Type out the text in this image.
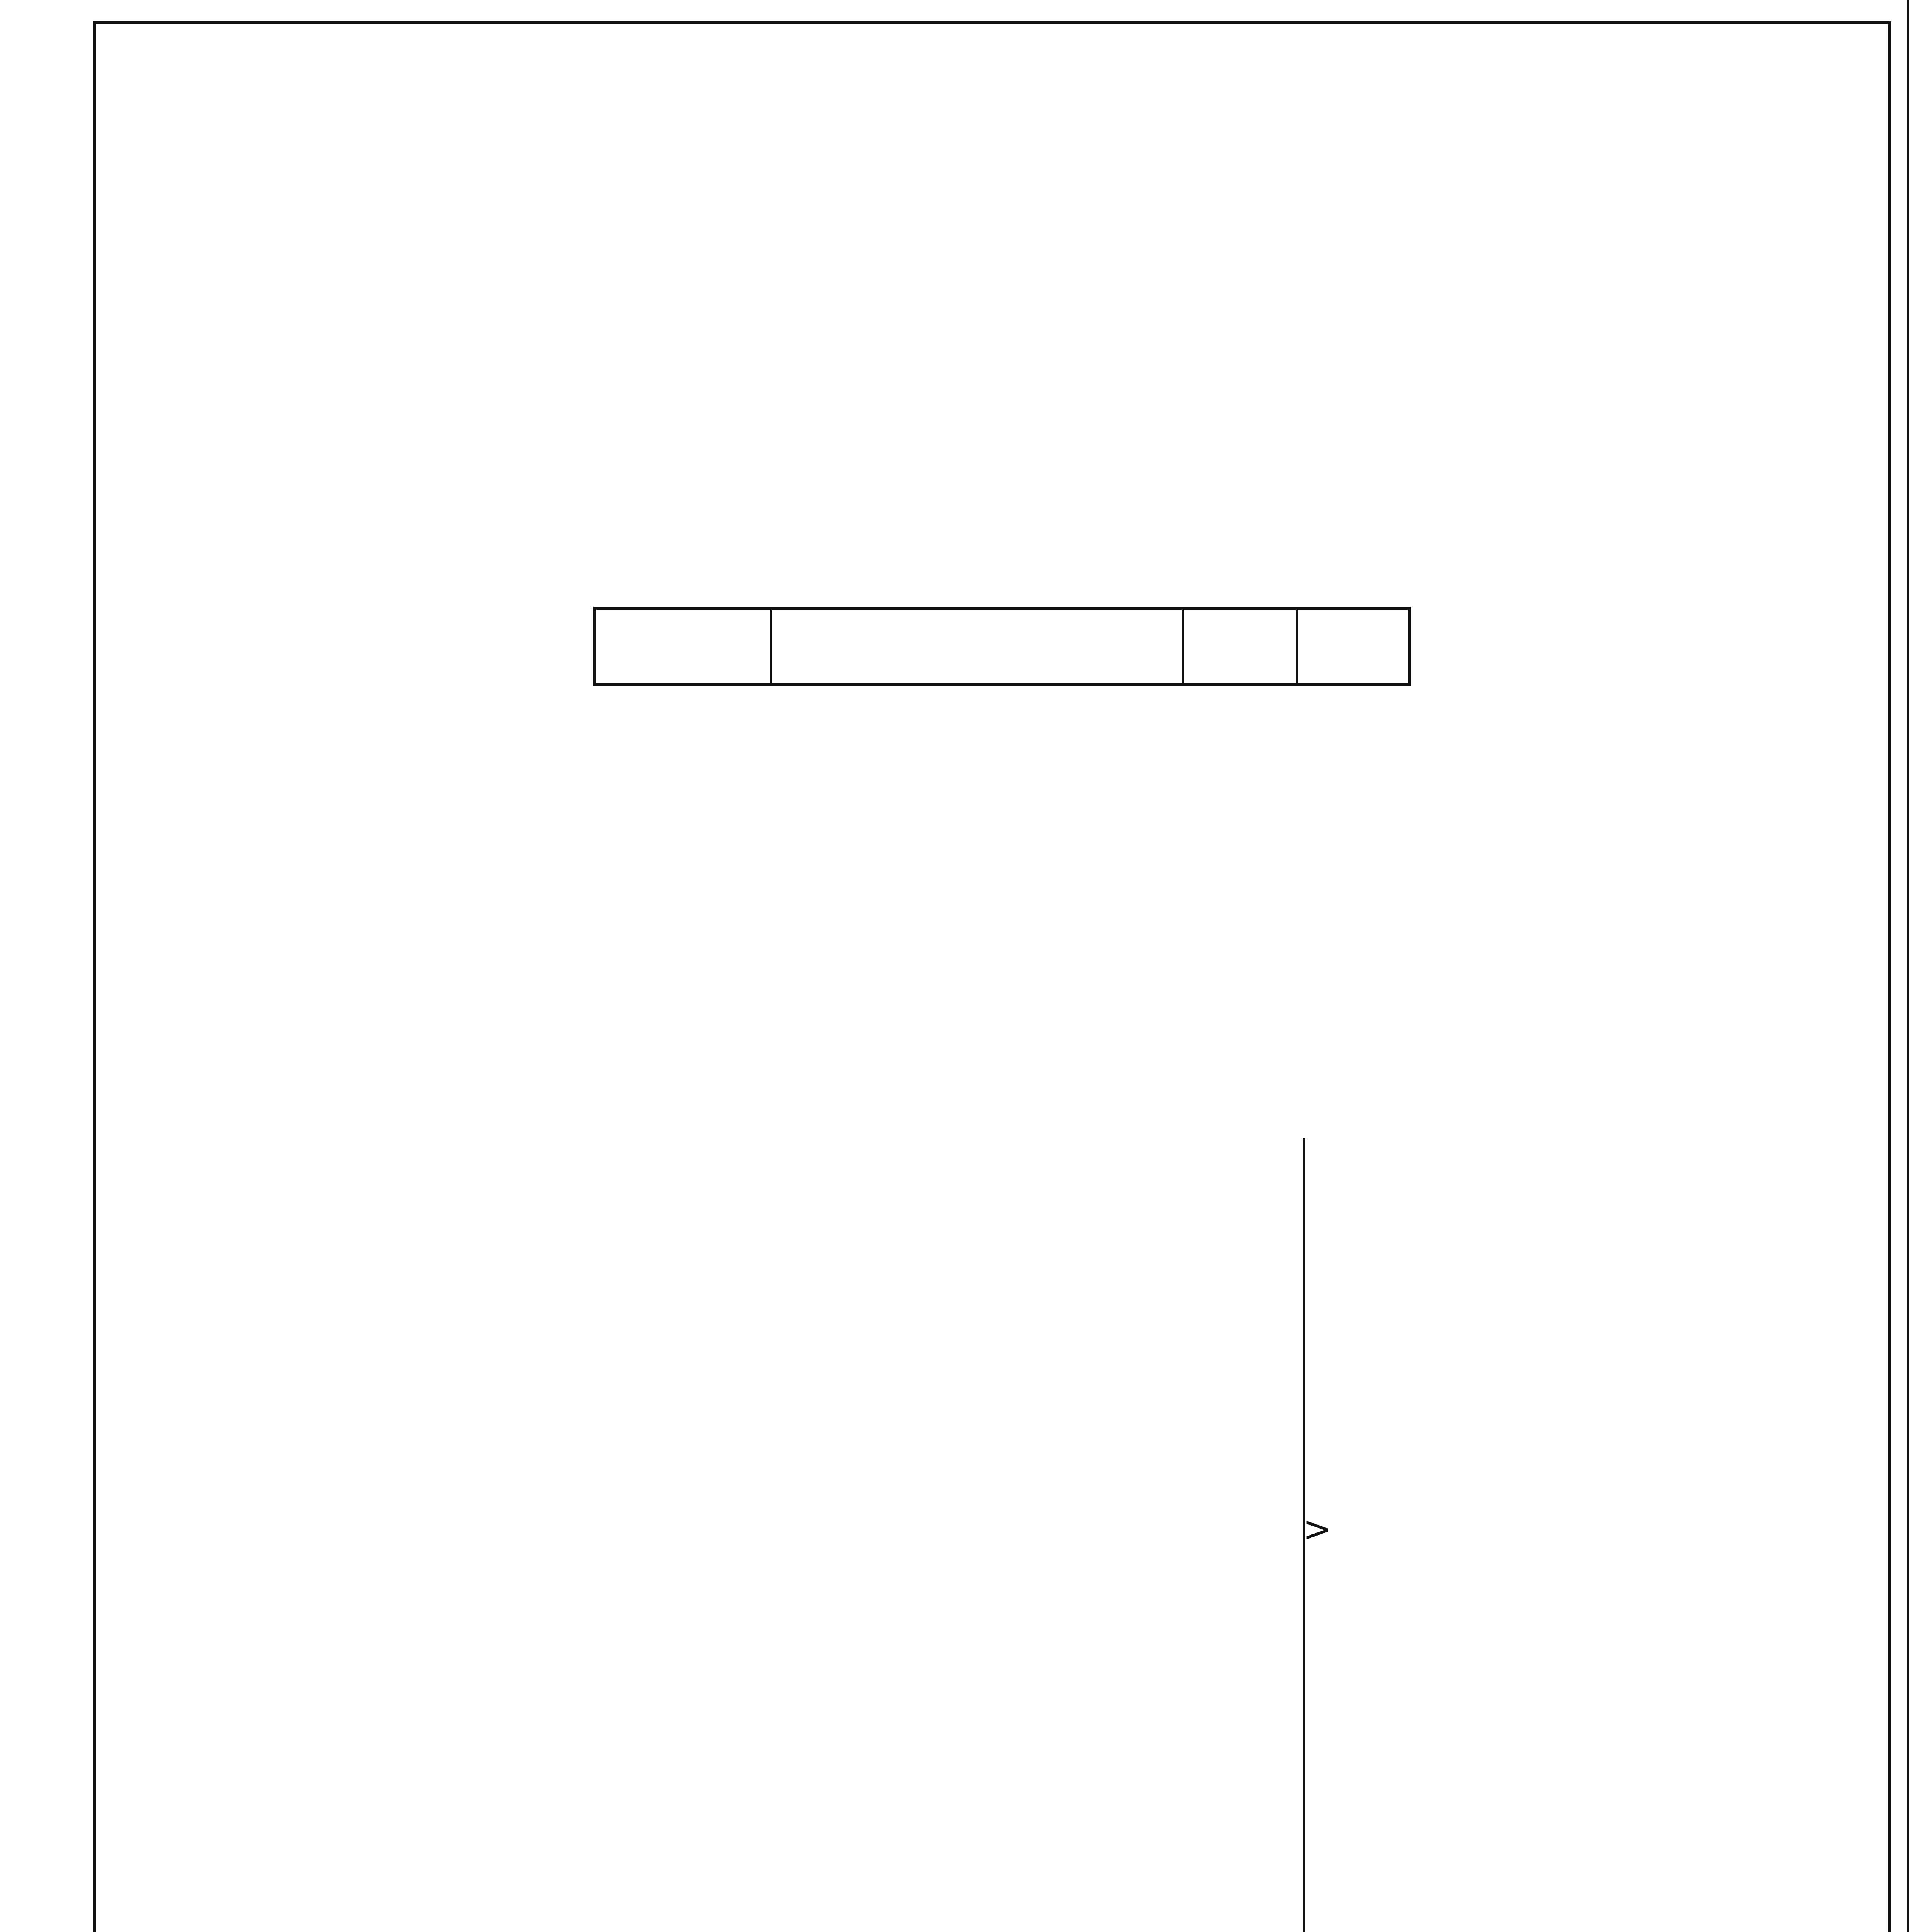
>
